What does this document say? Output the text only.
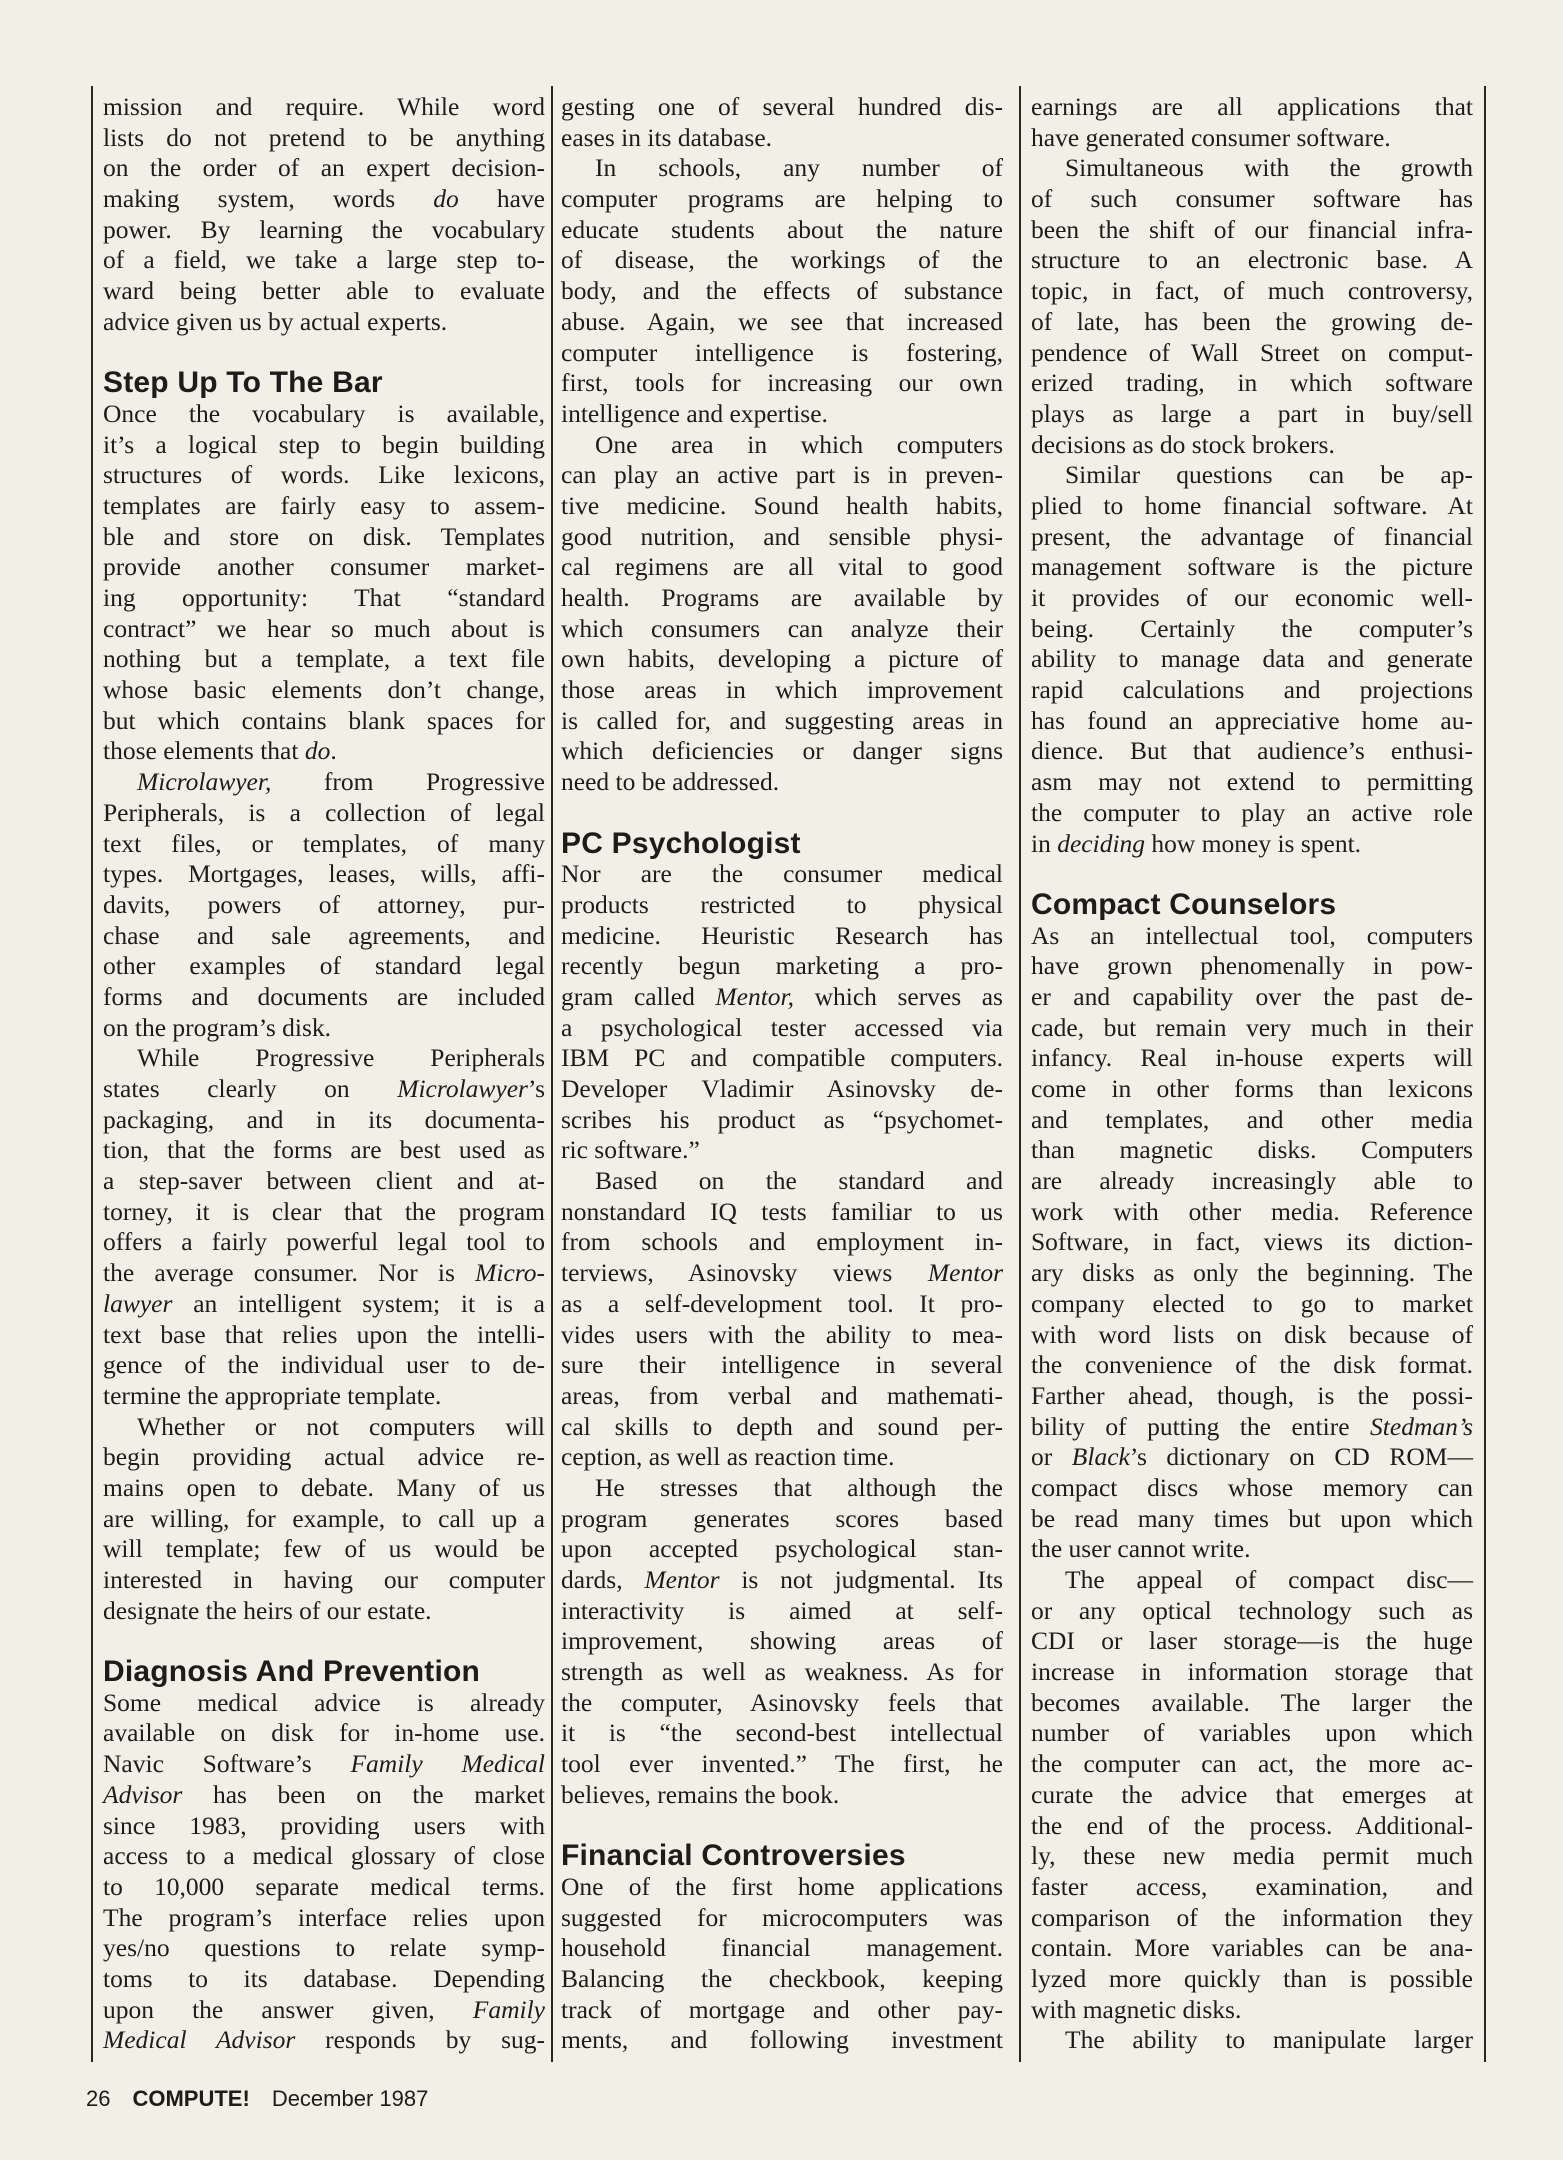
mission and require. While word
lists do not pretend to be anything
on the order of an expert decision-
making system, words do have
power. By learning the vocabulary
of a field, we take a large step to-
ward being better able to evaluate
advice given us by actual experts.
Step Up To The Bar
Once the vocabulary is available,
it’s a logical step to begin building
structures of words. Like lexicons,
templates are fairly easy to assem-
ble and store on disk. Templates
provide another consumer market-
ing opportunity: That “standard
contract” we hear so much about is
nothing but a template, a text file
whose basic elements don’t change,
but which contains blank spaces for
those elements that do.
Microlawyer, from Progressive
Peripherals, is a collection of legal
text files, or templates, of many
types. Mortgages, leases, wills, affi-
davits, powers of attorney, pur-
chase and sale agreements, and
other examples of standard legal
forms and documents are included
on the program’s disk.
While Progressive Peripherals
states clearly on Microlawyer’s
packaging, and in its documenta-
tion, that the forms are best used as
a step-saver between client and at-
torney, it is clear that the program
offers a fairly powerful legal tool to
the average consumer. Nor is Micro-
lawyer an intelligent system; it is a
text base that relies upon the intelli-
gence of the individual user to de-
termine the appropriate template.
Whether or not computers will
begin providing actual advice re-
mains open to debate. Many of us
are willing, for example, to call up a
will template; few of us would be
interested in having our computer
designate the heirs of our estate.
Diagnosis And Prevention
Some medical advice is already
available on disk for in-home use.
Navic Software’s Family Medical
Advisor has been on the market
since 1983, providing users with
access to a medical glossary of close
to 10,000 separate medical terms.
The program’s interface relies upon
yes/no questions to relate symp-
toms to its database. Depending
upon the answer given, Family
Medical Advisor responds by sug-
gesting one of several hundred dis-
eases in its database.
In schools, any number of
computer programs are helping to
educate students about the nature
of disease, the workings of the
body, and the effects of substance
abuse. Again, we see that increased
computer intelligence is fostering,
first, tools for increasing our own
intelligence and expertise.
One area in which computers
can play an active part is in preven-
tive medicine. Sound health habits,
good nutrition, and sensible physi-
cal regimens are all vital to good
health. Programs are available by
which consumers can analyze their
own habits, developing a picture of
those areas in which improvement
is called for, and suggesting areas in
which deficiencies or danger signs
need to be addressed.
PC Psychologist
Nor are the consumer medical
products restricted to physical
medicine. Heuristic Research has
recently begun marketing a pro-
gram called Mentor, which serves as
a psychological tester accessed via
IBM PC and compatible computers.
Developer Vladimir Asinovsky de-
scribes his product as “psychomet-
ric software.”
Based on the standard and
nonstandard IQ tests familiar to us
from schools and employment in-
terviews, Asinovsky views Mentor
as a self-development tool. It pro-
vides users with the ability to mea-
sure their intelligence in several
areas, from verbal and mathemati-
cal skills to depth and sound per-
ception, as well as reaction time.
He stresses that although the
program generates scores based
upon accepted psychological stan-
dards, Mentor is not judgmental. Its
interactivity is aimed at self-
improvement, showing areas of
strength as well as weakness. As for
the computer, Asinovsky feels that
it is “the second-best intellectual
tool ever invented.” The first, he
believes, remains the book.
Financial Controversies
One of the first home applications
suggested for microcomputers was
household financial management.
Balancing the checkbook, keeping
track of mortgage and other pay-
ments, and following investment
earnings are all applications that
have generated consumer software.
Simultaneous with the growth
of such consumer software has
been the shift of our financial infra-
structure to an electronic base. A
topic, in fact, of much controversy,
of late, has been the growing de-
pendence of Wall Street on comput-
erized trading, in which software
plays as large a part in buy/sell
decisions as do stock brokers.
Similar questions can be ap-
plied to home financial software. At
present, the advantage of financial
management software is the picture
it provides of our economic well-
being. Certainly the computer’s
ability to manage data and generate
rapid calculations and projections
has found an appreciative home au-
dience. But that audience’s enthusi-
asm may not extend to permitting
the computer to play an active role
in deciding how money is spent.
Compact Counselors
As an intellectual tool, computers
have grown phenomenally in pow-
er and capability over the past de-
cade, but remain very much in their
infancy. Real in-house experts will
come in other forms than lexicons
and templates, and other media
than magnetic disks. Computers
are already increasingly able to
work with other media. Reference
Software, in fact, views its diction-
ary disks as only the beginning. The
company elected to go to market
with word lists on disk because of
the convenience of the disk format.
Farther ahead, though, is the possi-
bility of putting the entire Stedman’s
or Black’s dictionary on CD ROM—
compact discs whose memory can
be read many times but upon which
the user cannot write.
The appeal of compact disc—
or any optical technology such as
CDI or laser storage—is the huge
increase in information storage that
becomes available. The larger the
number of variables upon which
the computer can act, the more ac-
curate the advice that emerges at
the end of the process. Additional-
ly, these new media permit much
faster access, examination, and
comparison of the information they
contain. More variables can be ana-
lyzed more quickly than is possible
with magnetic disks.
The ability to manipulate larger
26 COMPUTE! December 1987
